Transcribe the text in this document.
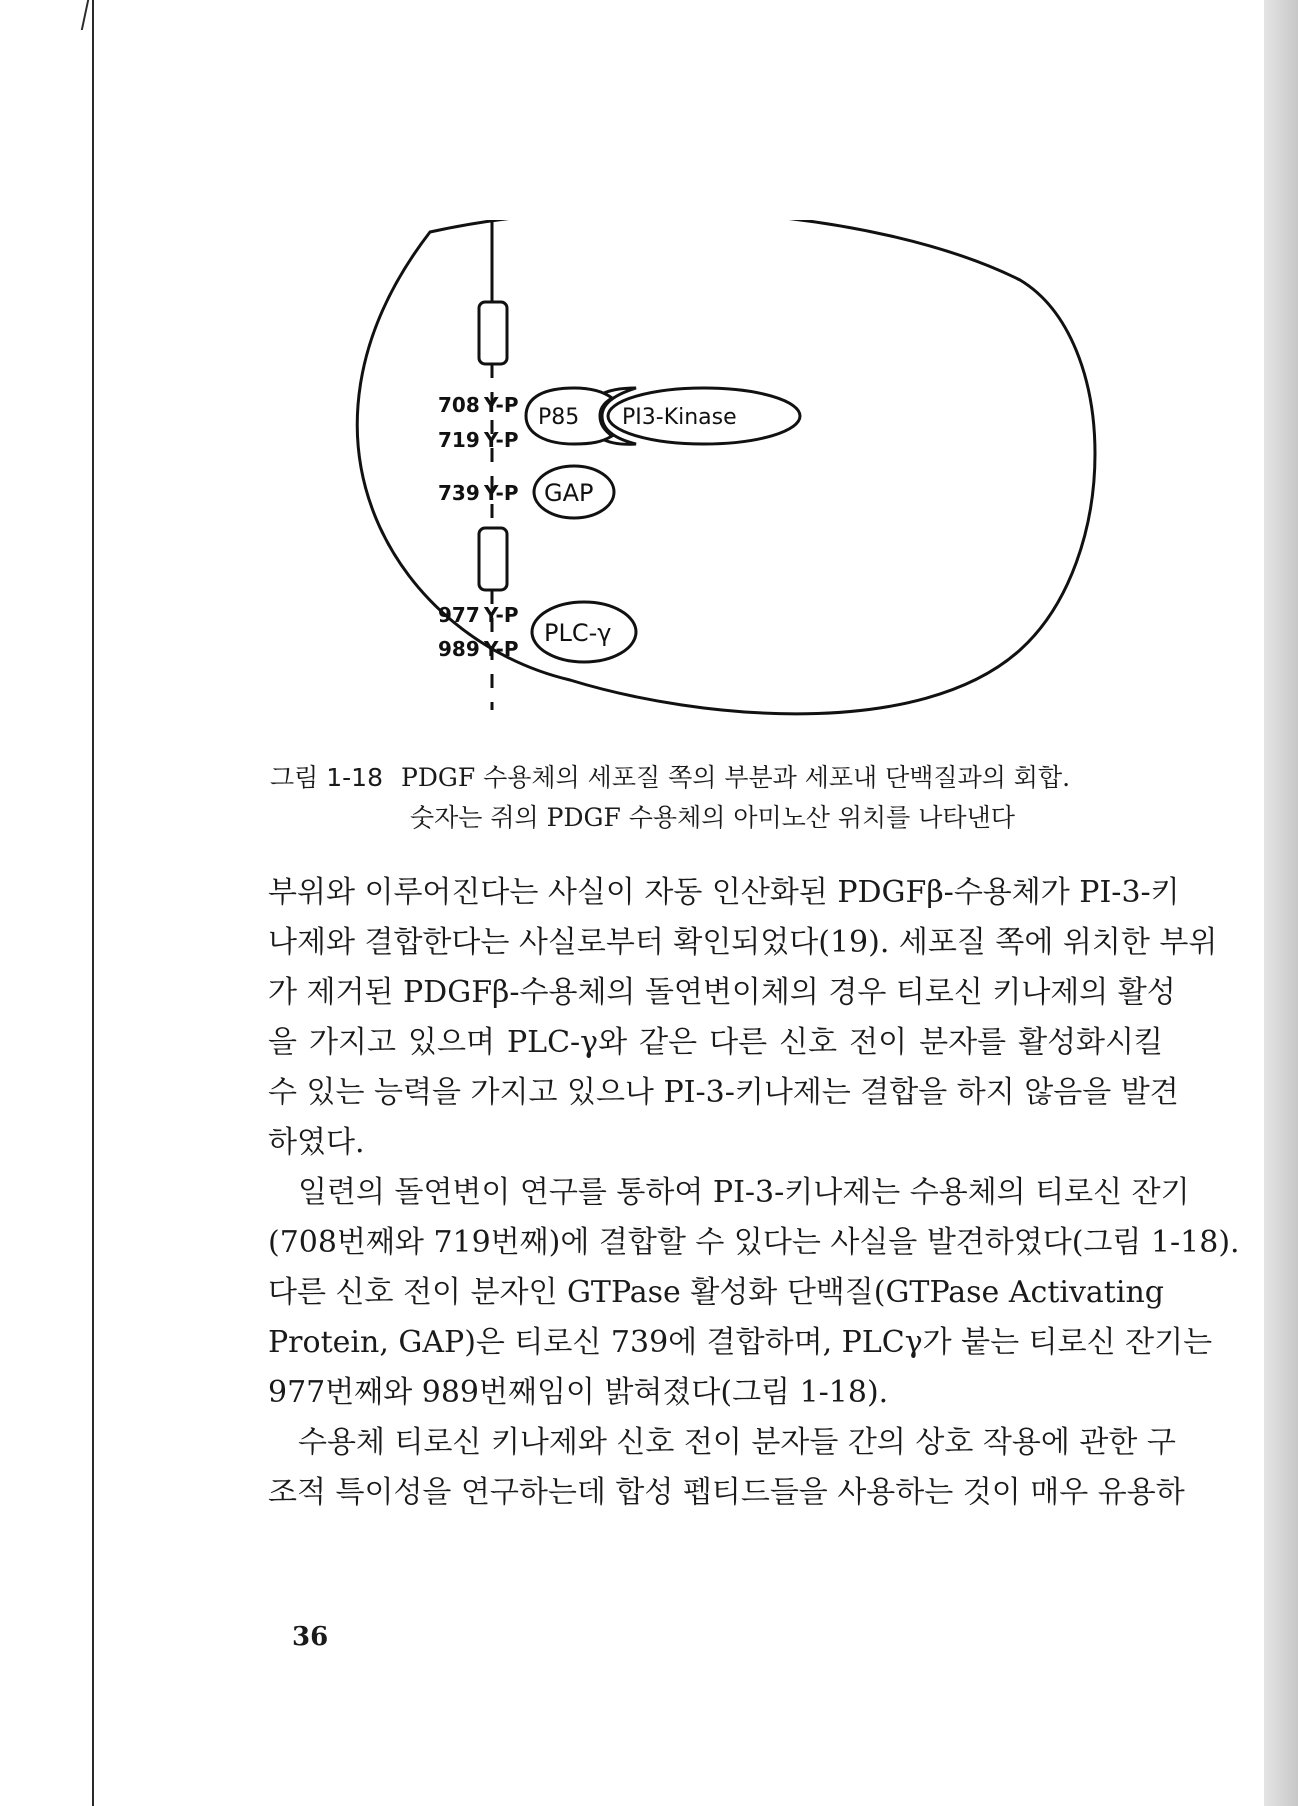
708 Y-P
719 Y-P
739 Y-P
977 Y-P
989 Y-P
P85 PI3-Kinase
GAP
PLC-γ
그림 1-18 PDGF 수용체의 세포질 쪽의 부분과 세포내 단백질과의 회합.
숫자는 쥐의 PDGF 수용체의 아미노산 위치를 나타낸다
부위와 이루어진다는 사실이 자동 인산화된 PDGFβ-수용체가 PI-3-키
나제와 결합한다는 사실로부터 확인되었다(19). 세포질 쪽에 위치한 부위
가 제거된 PDGFβ-수용체의 돌연변이체의 경우 티로신 키나제의 활성
을 가지고 있으며 PLC-γ와 같은 다른 신호 전이 분자를 활성화시킬
수 있는 능력을 가지고 있으나 PI-3-키나제는 결합을 하지 않음을 발견
하였다.
일련의 돌연변이 연구를 통하여 PI-3-키나제는 수용체의 티로신 잔기
(708번째와 719번째)에 결합할 수 있다는 사실을 발견하였다(그림 1-18).
다른 신호 전이 분자인 GTPase 활성화 단백질(GTPase Activating
Protein, GAP)은 티로신 739에 결합하며, PLCγ가 붙는 티로신 잔기는
977번째와 989번째임이 밝혀졌다(그림 1-18).
수용체 티로신 키나제와 신호 전이 분자들 간의 상호 작용에 관한 구
조적 특이성을 연구하는데 합성 펩티드들을 사용하는 것이 매우 유용하
36
